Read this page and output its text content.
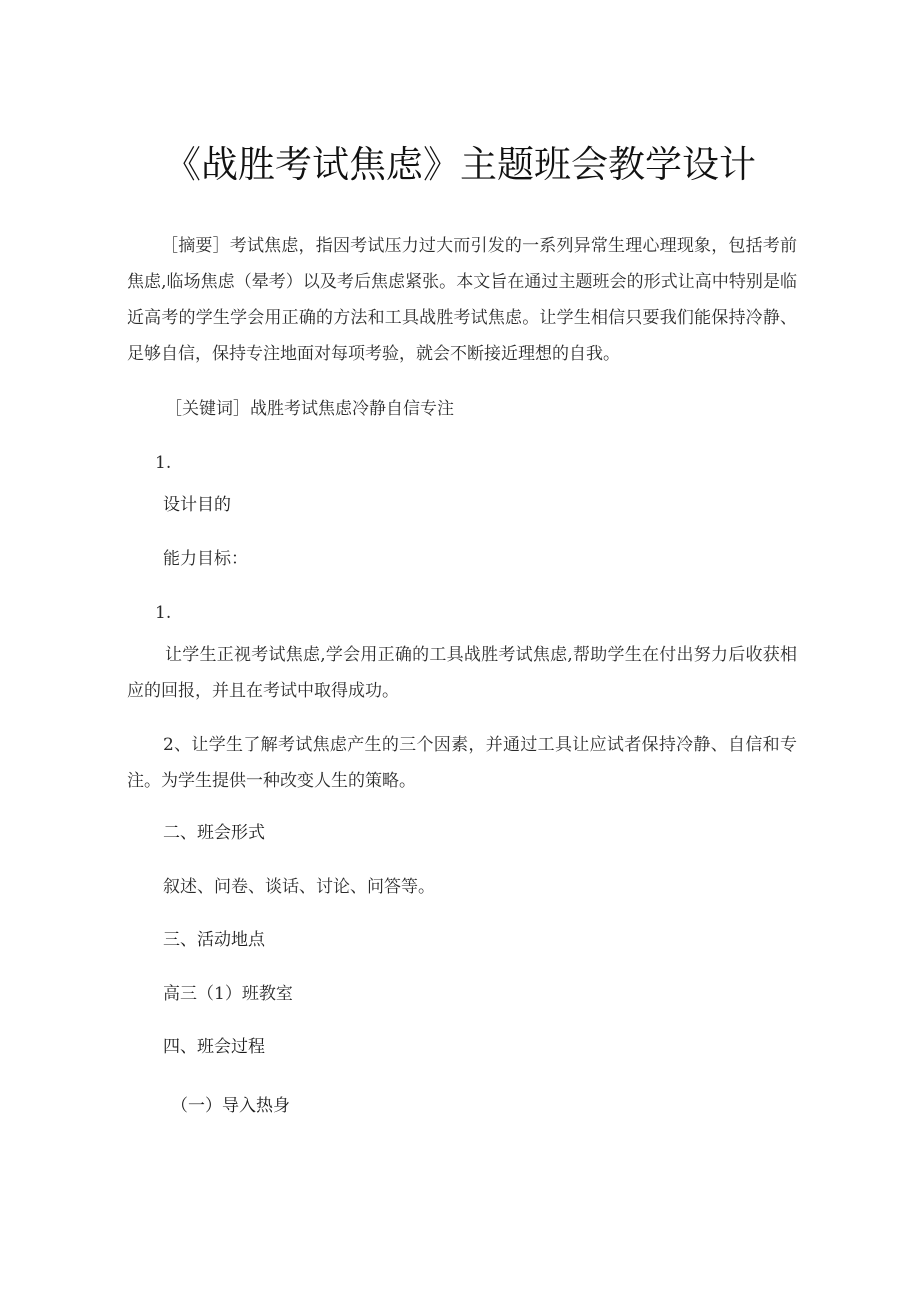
《战胜考试焦虑》主题班会教学设计

［摘要］考试焦虑，指因考试压力过大而引发的一系列异常生理心理现象，包括考前焦虑,临场焦虑（晕考）以及考后焦虑紧张。本文旨在通过主题班会的形式让高中特别是临近高考的学生学会用正确的方法和工具战胜考试焦虑。让学生相信只要我们能保持冷静、足够自信，保持专注地面对每项考验，就会不断接近理想的自我。

［关键词］战胜考试焦虑冷静自信专注
1.
设计目的
能力目标：
1.

让学生正视考试焦虑,学会用正确的工具战胜考试焦虑,帮助学生在付出努力后收获相应的回报，并且在考试中取得成功。

2、让学生了解考试焦虑产生的三个因素，并通过工具让应试者保持冷静、自信和专注。为学生提供一种改变人生的策略。

二、班会形式
叙述、问卷、谈话、讨论、问答等。
三、活动地点
高三（1）班教室
四、班会过程
（一）导入热身
